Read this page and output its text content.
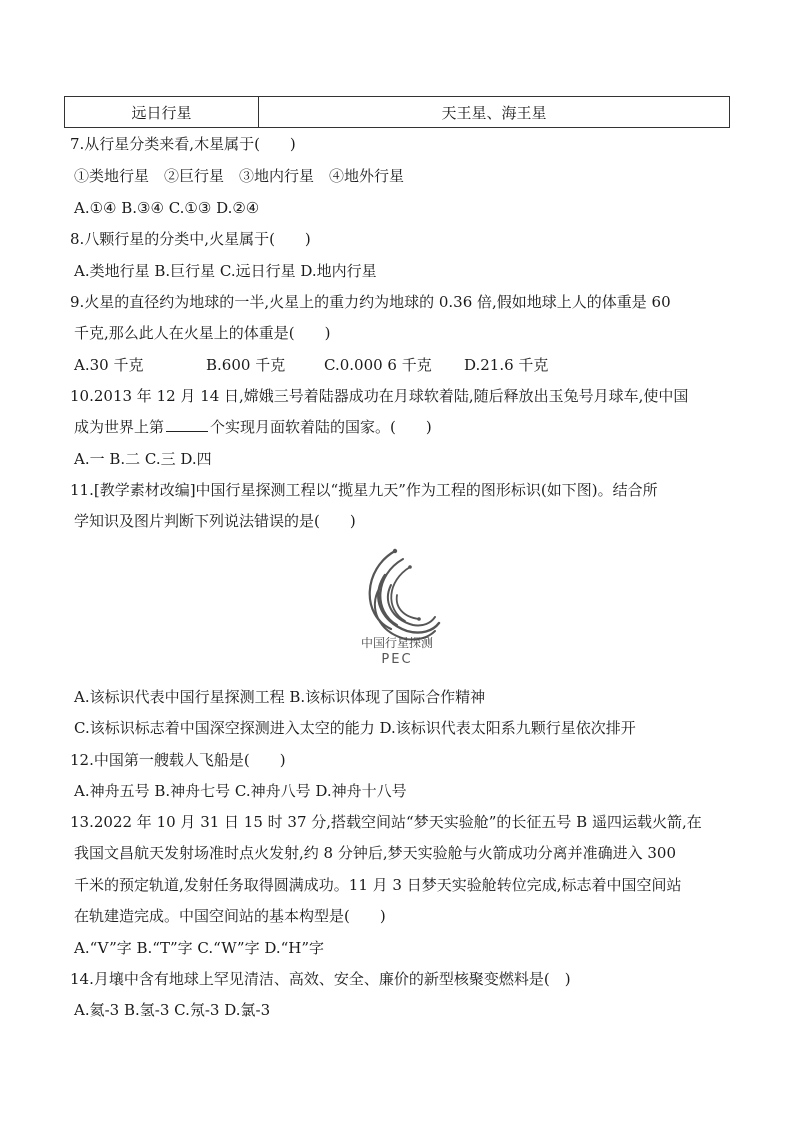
远日行星	天王星、海王星
7.从行星分类来看,木星属于(　　)
①类地行星　②巨行星　③地内行星　④地外行星
A.①④ B.③④ C.①③ D.②④
8.八颗行星的分类中,火星属于(　　)
A.类地行星 B.巨行星 C.远日行星 D.地内行星
9.火星的直径约为地球的一半,火星上的重力约为地球的 0.36 倍,假如地球上人的体重是 60
千克,那么此人在火星上的体重是(　　)
A.30 千克	B.600 千克	C.0.000 6 千克 D.21.6 千克
10.2013 年 12 月 14 日,嫦娥三号着陆器成功在月球软着陆,随后释放出玉兔号月球车,使中国
成为世界上第	个实现月面软着陆的国家。(　　)
A.一 B.二 C.三 D.四
11.[教学素材改编]中国行星探测工程以“揽星九天”作为工程的图形标识(如下图)。结合所
学知识及图片判断下列说法错误的是(　　)
中国行星探测
PEC
A.该标识代表中国行星探测工程 B.该标识体现了国际合作精神
C.该标识标志着中国深空探测进入太空的能力 D.该标识代表太阳系九颗行星依次排开
12.中国第一艘载人飞船是(　　)
A.神舟五号 B.神舟七号 C.神舟八号 D.神舟十八号
13.2022 年 10 月 31 日 15 时 37 分,搭载空间站“梦天实验舱”的长征五号 B 遥四运载火箭,在
我国文昌航天发射场准时点火发射,约 8 分钟后,梦天实验舱与火箭成功分离并准确进入 300
千米的预定轨道,发射任务取得圆满成功。11 月 3 日梦天实验舱转位完成,标志着中国空间站
在轨建造完成。中国空间站的基本构型是(　　)
A.“V”字 B.“T”字 C.“W”字 D.“H”字
14.月壤中含有地球上罕见清洁、高效、安全、廉价的新型核聚变燃料是(　)
A.氦-3 B.氢-3 C.氖-3 D.氯-3
